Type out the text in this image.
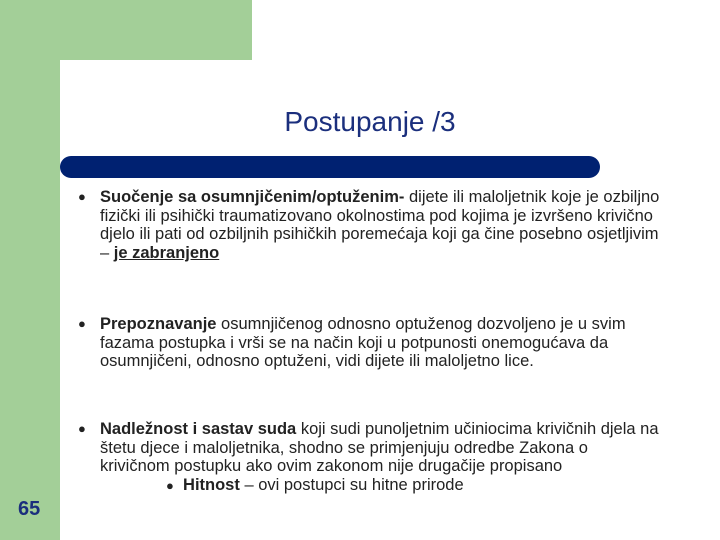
Postupanje /3
● Suočenje sa osumnjičenim/optuženim- dijete ili maloljetnik koje je ozbiljno fizički ili psihički traumatizovano okolnostima pod kojima je izvršeno krivično djelo ili pati od ozbiljnih psihičkih poremećaja koji ga čine posebno osjetljivim – je zabranjeno
● Prepoznavanje osumnjičenog odnosno optuženog dozvoljeno je u svim fazama postupka i vrši se na način koji u potpunosti onemogućava da osumnjičeni, odnosno optuženi, vidi dijete ili maloljetno lice.
● Nadležnost i sastav suda koji sudi punoljetnim učiniocima krivičnih djela na štetu djece i maloljetnika, shodno se primjenjuju odredbe Zakona o krivičnom postupku ako ovim zakonom nije drugačije propisano
● Hitnost – ovi postupci su hitne prirode
65
